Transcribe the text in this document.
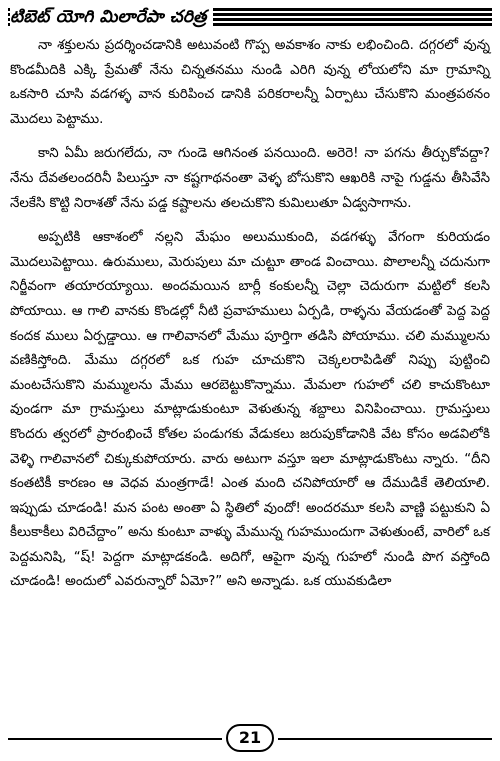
టిబెట్ యోగి మిలారేపా చరిత్ర

నా శక్తులను ప్రదర్శించడానికి అటువంటి గొప్ప అవకాశం నాకు లభించింది. దగ్గరలో వున్న కొండమీదికి ఎక్కి ప్రేమతో నేను చిన్నతనము నుండి ఎరిగి వున్న లోయలోని మా గ్రామాన్ని ఒకసారి చూసి వడగళ్ళ వాన కురిపించ డానికి పరికరాలన్నీ ఏర్పాటు చేసుకొని మంత్రపఠనం మొదలు పెట్టాము.

కాని ఏమీ జరుగలేదు, నా గుండె ఆగినంత పనయింది. అరెరె! నా పగను తీర్చుకోవద్దా? నేను దేవతలందరినీ పిలుస్తూ నా కష్టగాథనంతా వెళ్ళ బోసుకొని ఆఖరికి నాపై గుడ్డను తీసివేసి నేలకేసి కొట్టి నిరాశతో నేను పడ్డ కష్టాలను తలచుకొని కుమిలుతూ ఏడ్వసాగాను.

అప్పటికి ఆకాశంలో నల్లని మేఘం అలుముకుంది, వడగళ్ళు వేగంగా కురియడం మొదలుపెట్టాయి. ఉరుములు, మెరుపులు మా చుట్టూ తాండ వించాయి. పొలాలన్నీ చదునుగా నిర్జీవంగా తయారయ్యాయి. అందమయిన బార్లీ కంకులన్నీ చెల్లా చెదురుగా మట్టిలో కలసి పోయాయి. ఆ గాలి వానకు కొండల్లో నీటి ప్రవాహములు ఏర్పడి, రాళ్ళను వేయడంతో పెద్ద పెద్ద కందక ములు ఏర్పడ్డాయి. ఆ గాలివానలో మేము పూర్తిగా తడిసి పోయాము. చలి మమ్ములను వణికిస్తోంది. మేము దగ్గరలో ఒక గుహ చూచుకొని చెక్కలరాపిడితో నిప్పు పుట్టించి మంటచేసుకొని మమ్ములను మేము ఆరబెట్టుకొన్నాము. మేమలా గుహలో చలి కాచుకొంటూ వుండగా మా గ్రామస్తులు మాట్లాడుకుంటూ వెళుతున్న శబ్దాలు వినిపించాయి. గ్రామస్తులు కొందరు త్వరలో ప్రారంభించే కోతల పండుగకు వేడుకలు జరుపుకోడానికి వేట కోసం అడవిలోకి వెళ్ళి గాలివానలో చిక్కుకుపోయారు. వారు అటుగా వస్తూ ఇలా మాట్లాడుకొంటు న్నారు. “దీని కంతటికీ కారణం ఆ వెధవ మంత్రగాడే! ఎంత మంది చనిపోయారో ఆ దేముడికే తెలియాలి. ఇప్పుడు చూడండి! మన పంట అంతా ఏ స్థితిలో వుందో! అందరమూ కలసి వాణ్ణి పట్టుకుని ఏ కీలుకాకీలు విరిచేద్దాం” అను కుంటూ వాళ్ళు మేమున్న గుహముందుగా వెళుతుంటే, వారిలో ఒక పెద్దమనిషి, “ష్! పెద్దగా మాట్లాడకండి. అదిగో, ఆపైగా వున్న గుహలో నుండి పొగ వస్తోంది చూడండి! అందులో ఎవరున్నారో ఏమో?” అని అన్నాడు. ఒక యువకుడిలా

21
